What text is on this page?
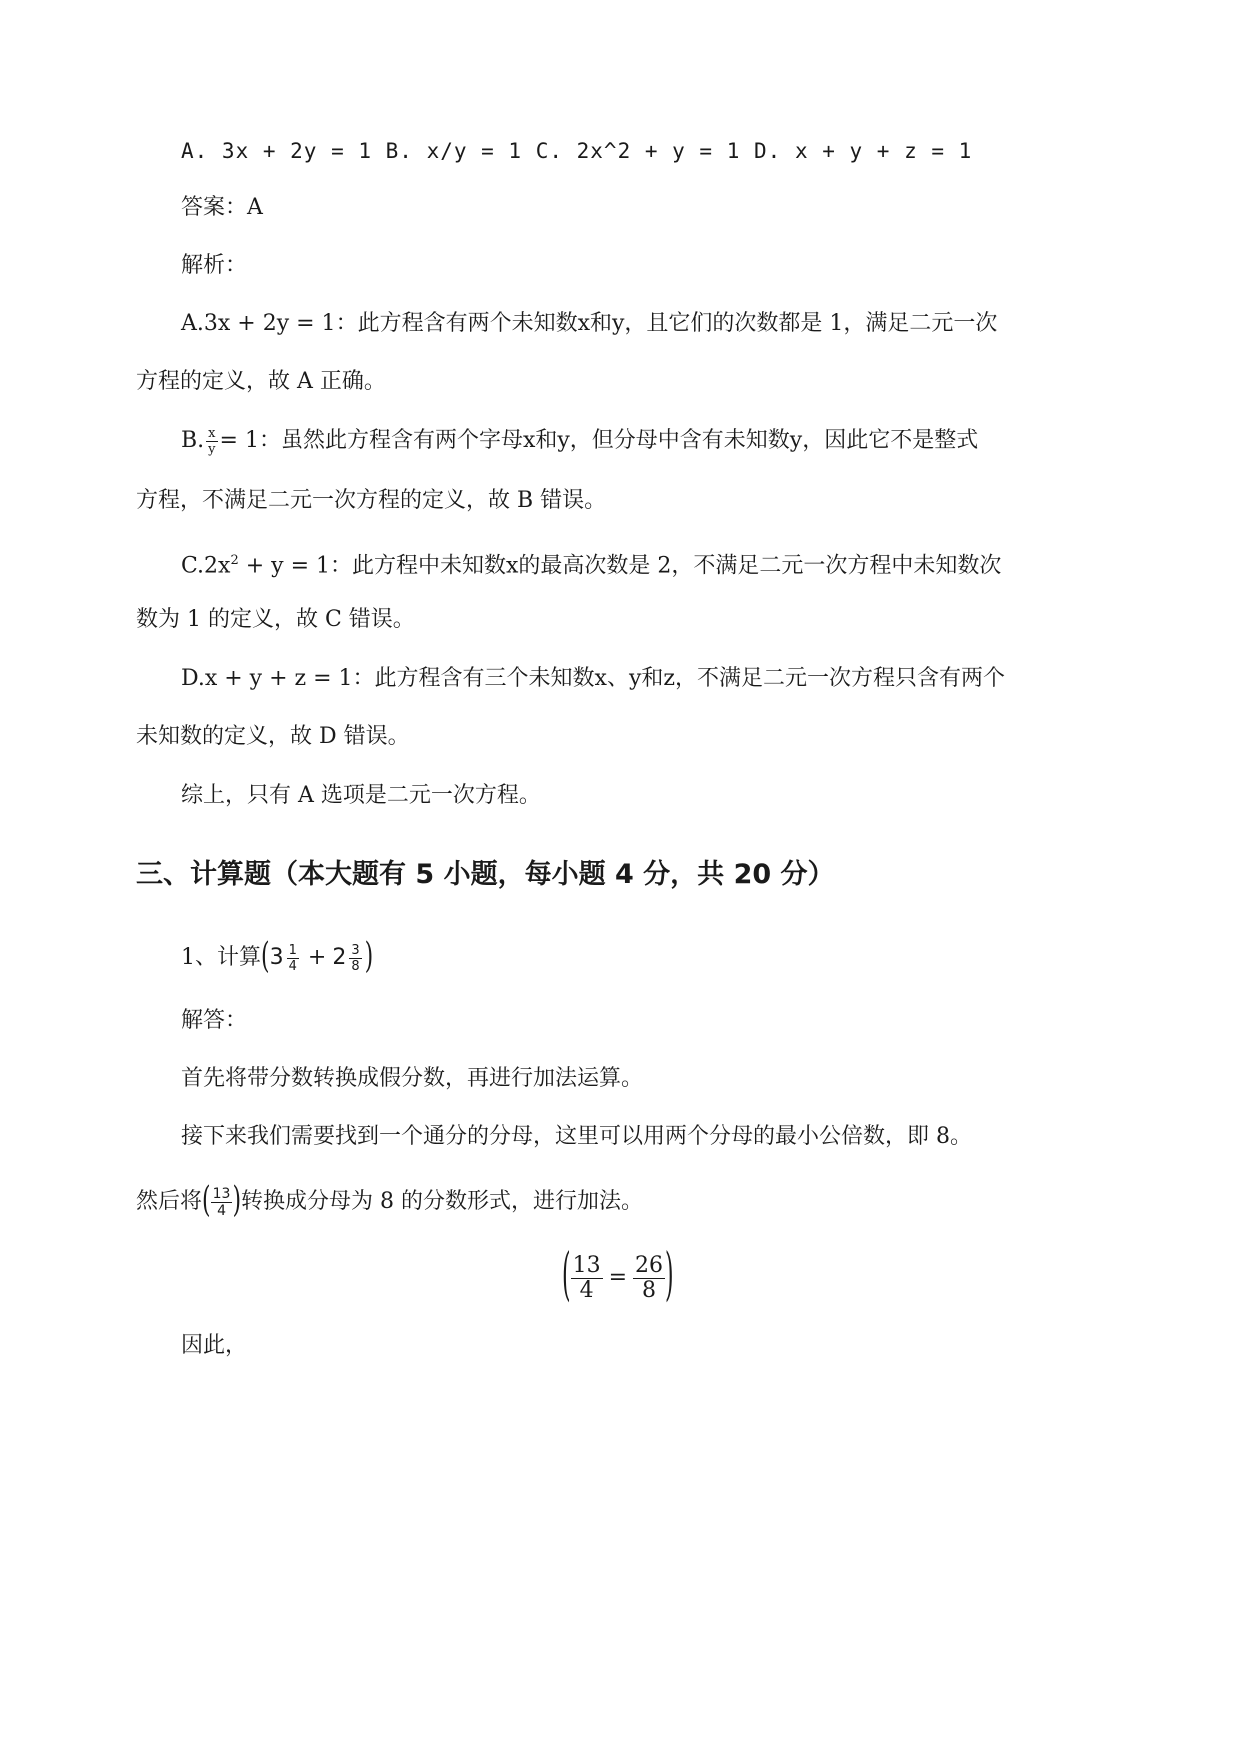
A. 3x + 2y = 1 B. x/y = 1 C. 2x^2 + y = 1 D. x + y + z = 1
答案：A
解析：
A.3x + 2y = 1：此方程含有两个未知数x和y，且它们的次数都是 1，满足二元一次
方程的定义，故 A 正确。
B. $\frac{x}{y} = 1$：虽然此方程含有两个字母x和y，但分母中含有未知数y，因此它不是整式
方程，不满足二元一次方程的定义，故 B 错误。
$C.2x^2 + y = 1$：此方程中未知数x的最高次数是 2，不满足二元一次方程中未知数次
数为 1 的定义，故 C 错误。
D.x + y + z = 1：此方程含有三个未知数x、y和z，不满足二元一次方程只含有两个
未知数的定义，故 D 错误。
综上，只有 A 选项是二元一次方程。
三、计算题（本大题有 5 小题，每小题 4 分，共 20 分）
1、计算($3 \frac{1}{4} + 2 \frac{3}{8}$ )
解答：
首先将带分数转换成假分数，再进行加法运算。
接下来我们需要找到一个通分的分母，这里可以用两个分母的最小公倍数，即 8。
然后将( $\frac{13}{4}$ )转换成分母为 8 的分数形式，进行加法。
( $\frac{13}{4} = \frac{26}{8}$ )
因此，
